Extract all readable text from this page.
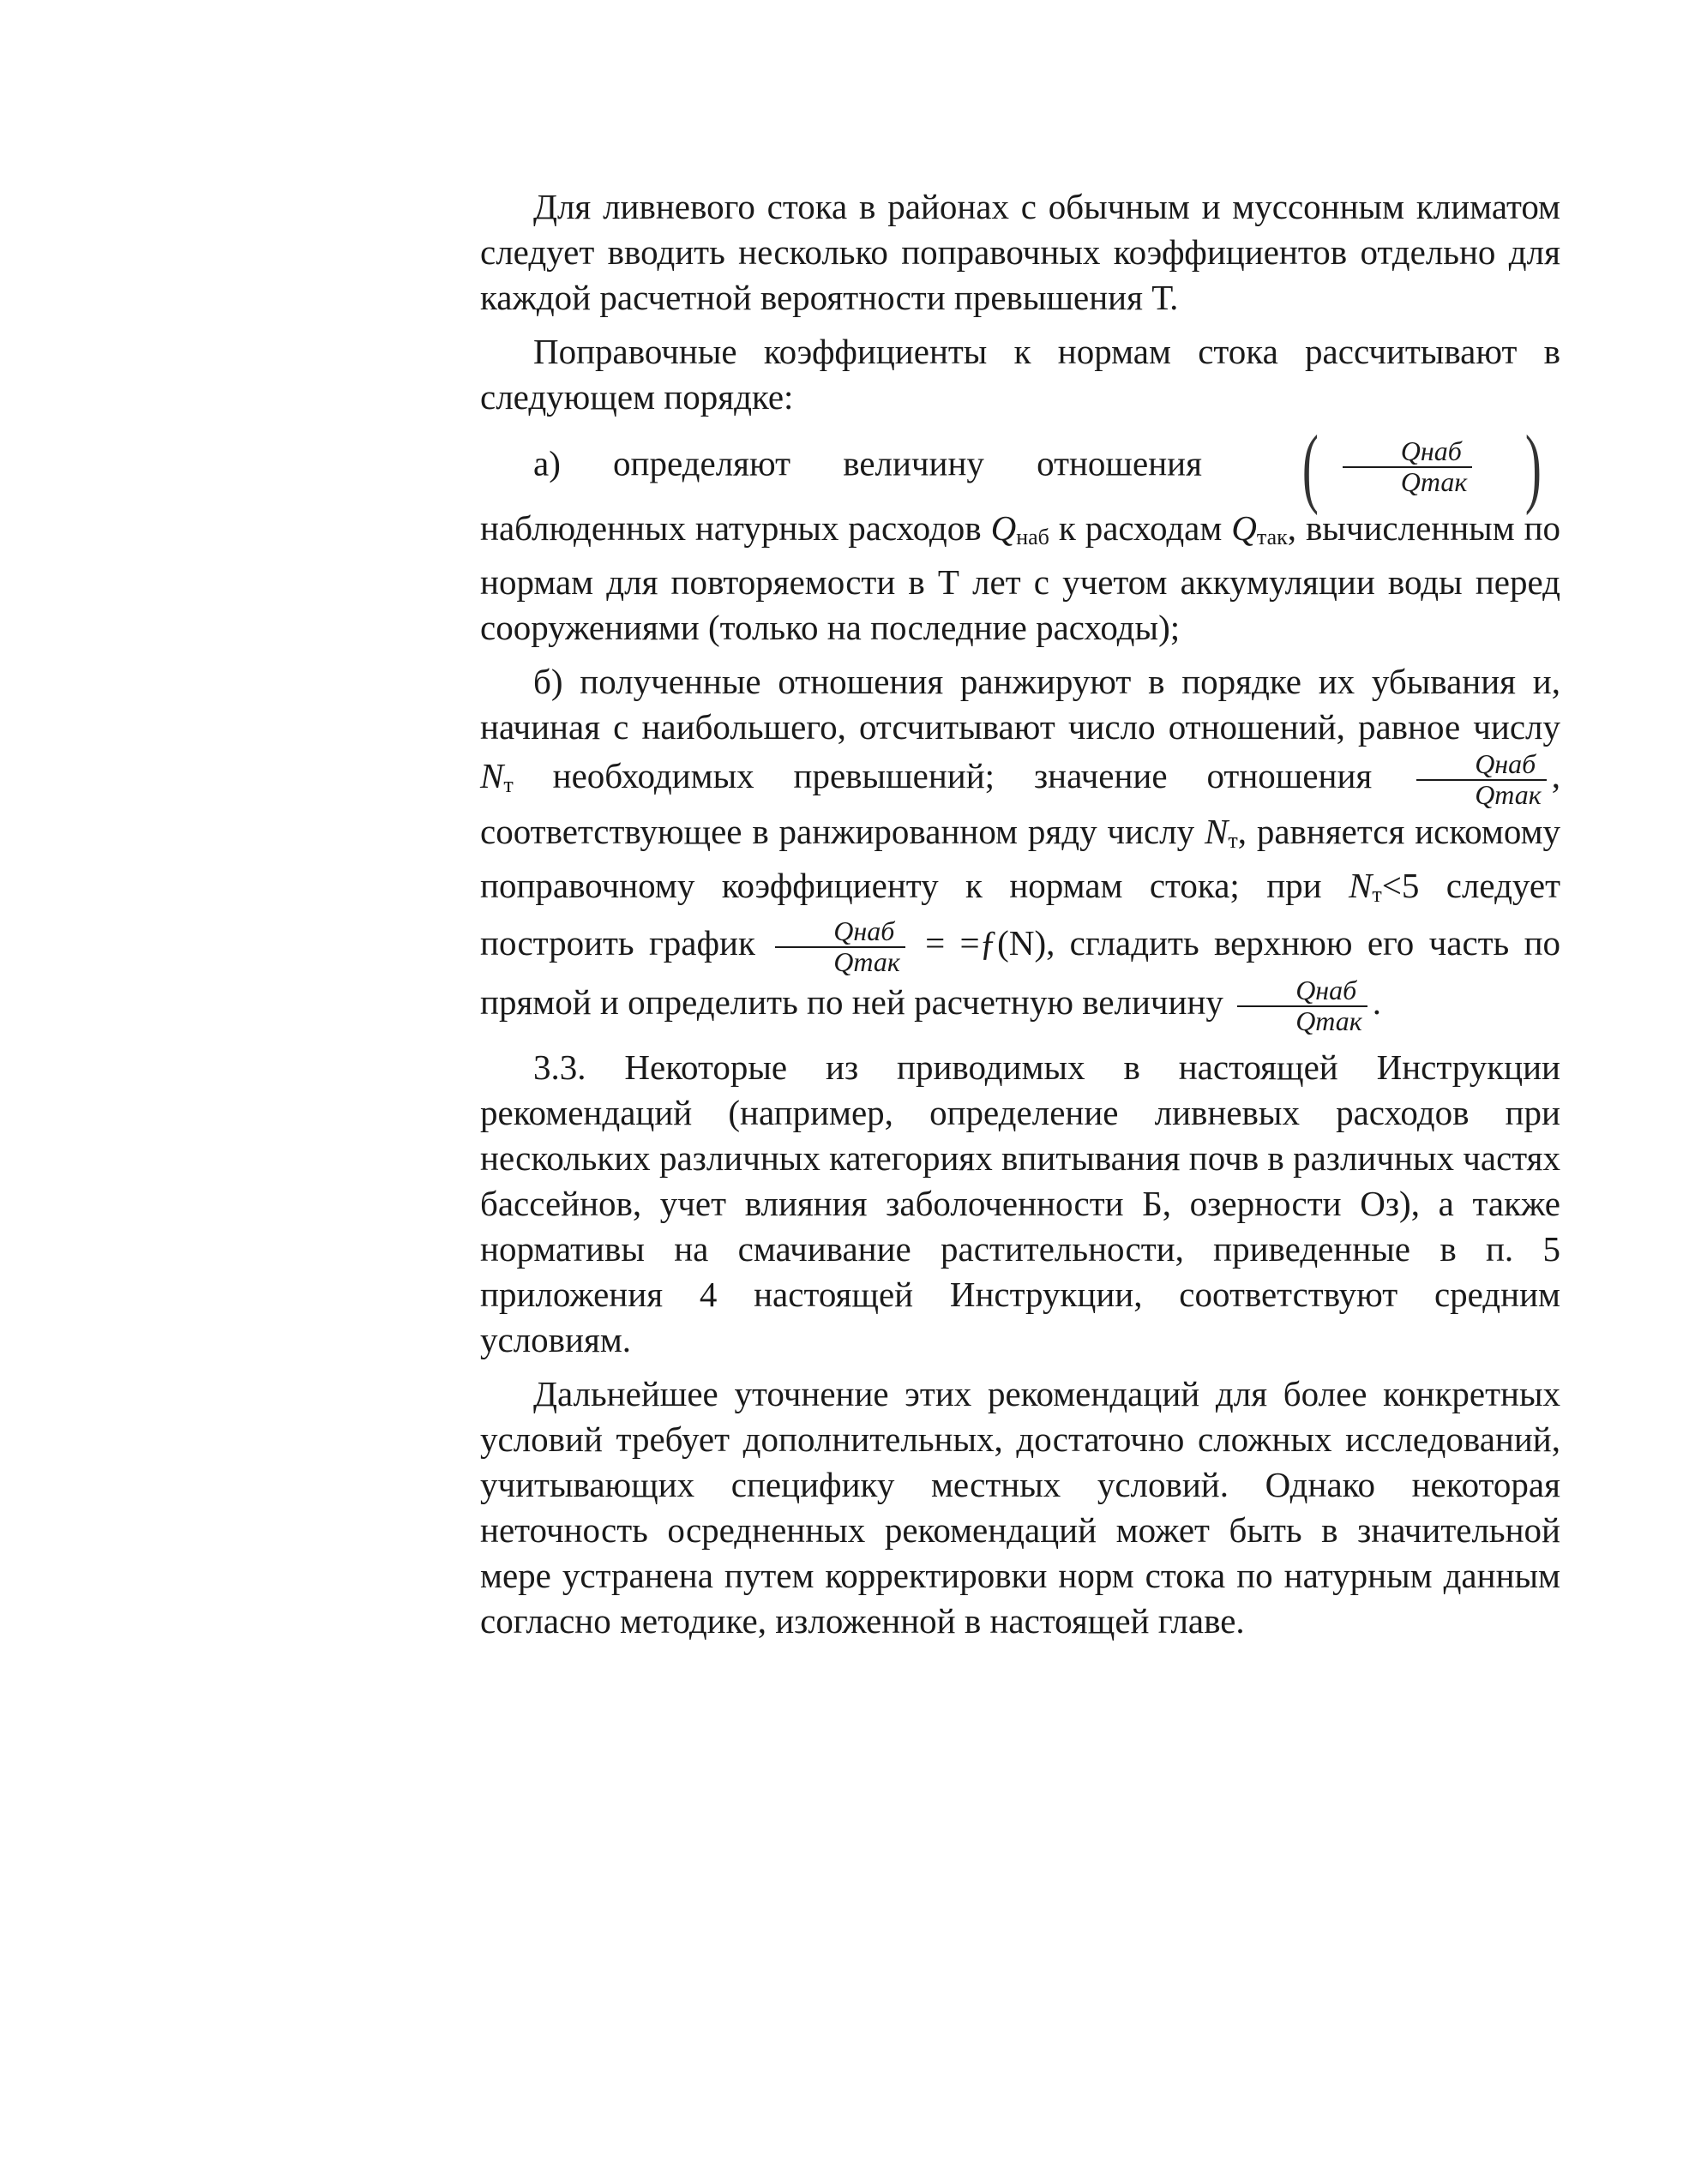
Для ливневого стока в районах с обычным и муссонным климатом следует вводить несколько поправочных коэффициентов отдельно для каждой расчетной вероятности превышения Т.

Поправочные коэффициенты к нормам стока рассчитывают в следующем порядке:

а) определяют величину отношения ( $\frac{\text{Qнаб}}{\text{Qтак}}$ ) наблюденных натурных расходов $Q_{наб}$ к расходам $Q_{так}$, вычисленным по нормам для повторяемости в Т лет с учетом аккумуляции воды перед сооружениями (только на последние расходы);

б) полученные отношения ранжируют в порядке их убывания и, начиная с наибольшего, отсчитывают число отношений, равное числу $N_т$ необходимых превышений; значение отношения $\frac{\text{Qнаб}}{\text{Qтак}}$ , соответствующее в ранжированном ряду числу $N_т$, равняется искомому поправочному коэффициенту к нормам стока; при $N_т<5$ следует построить график $\frac{\text{Qнаб}}{\text{Qтак}}$ = =ƒ(N), сгладить верхнюю его часть по прямой и определить по ней расчетную величину $\frac{\text{Qнаб}}{\text{Qтак}}$ .

3.3. Некоторые из приводимых в настоящей Инструкции рекомендаций (например, определение ливневых расходов при нескольких различных категориях впитывания почв в различных частях бассейнов, учет влияния заболоченности Б, озерности Оз), а также нормативы на смачивание растительности, приведенные в п. 5 приложения 4 настоящей Инструкции, соответствуют средним условиям.

Дальнейшее уточнение этих рекомендаций для более конкретных условий требует дополнительных, достаточно сложных исследований, учитывающих специфику местных условий. Однако некоторая неточность осредненных рекомендаций может быть в значительной мере устранена путем корректировки норм стока по натурным данным согласно методике, изложенной в настоящей главе.
